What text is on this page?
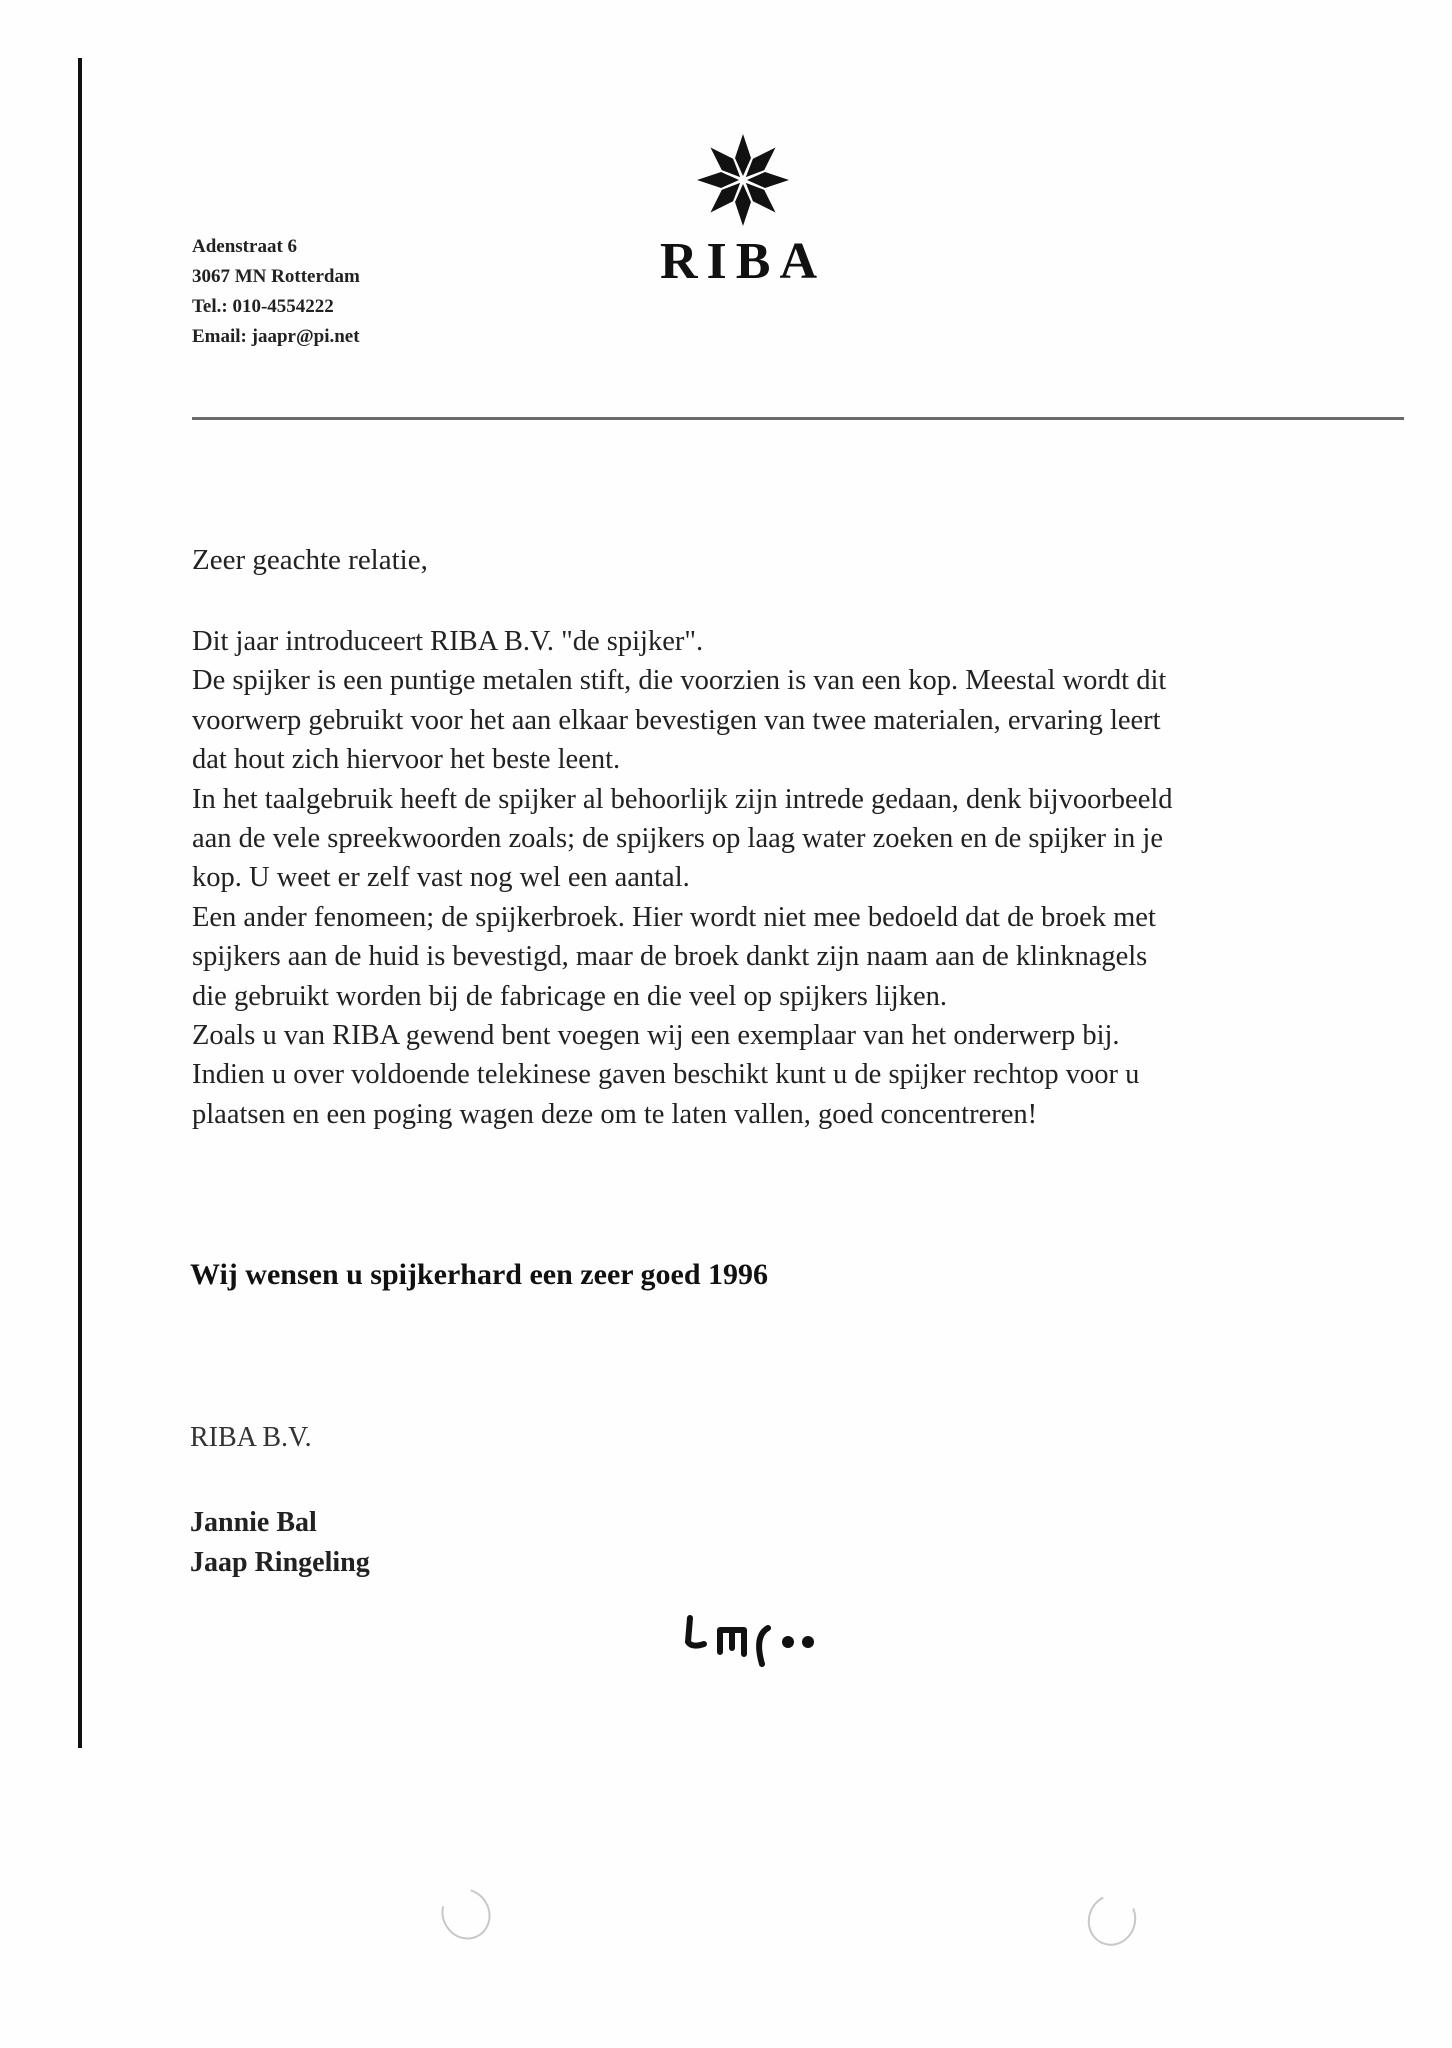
Adenstraat 6
3067 MN Rotterdam
Tel.: 010-4554222
Email: jaapr@pi.net
RIBA
Zeer geachte relatie,
Dit jaar introduceert RIBA B.V. "de spijker".
De spijker is een puntige metalen stift, die voorzien is van een kop. Meestal wordt dit
voorwerp gebruikt voor het aan elkaar bevestigen van twee materialen, ervaring leert
dat hout zich hiervoor het beste leent.
In het taalgebruik heeft de spijker al behoorlijk zijn intrede gedaan, denk bijvoorbeeld
aan de vele spreekwoorden zoals; de spijkers op laag water zoeken en de spijker in je
kop. U weet er zelf vast nog wel een aantal.
Een ander fenomeen; de spijkerbroek. Hier wordt niet mee bedoeld dat de broek met
spijkers aan de huid is bevestigd, maar de broek dankt zijn naam aan de klinknagels
die gebruikt worden bij de fabricage en die veel op spijkers lijken.
Zoals u van RIBA gewend bent voegen wij een exemplaar van het onderwerp bij.
Indien u over voldoende telekinese gaven beschikt kunt u de spijker rechtop voor u
plaatsen en een poging wagen deze om te laten vallen, goed concentreren!
Wij wensen u spijkerhard een zeer goed 1996
RIBA B.V.
Jannie Bal
Jaap Ringeling
